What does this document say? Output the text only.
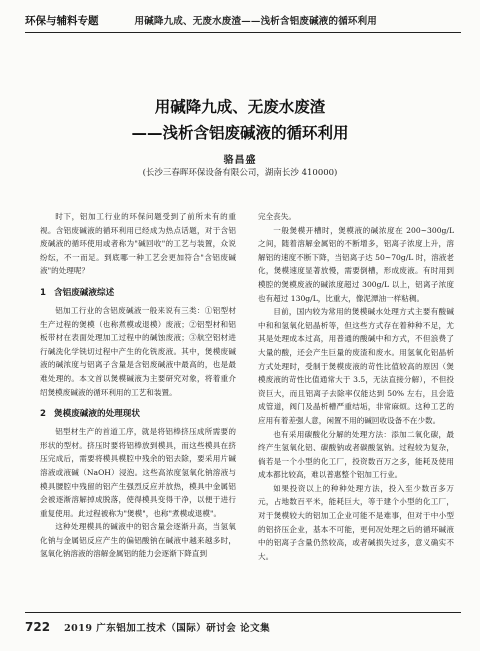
环保与辅料专题	用碱降九成、无废水废渣——浅析含铝废碱液的循环利用
用碱降九成、无废水废渣
——浅析含铝废碱液的循环利用
骆昌盛
(长沙三春晖环保设备有限公司，湖南长沙 410000)

时下，铝加工行业的环保问题受到了前所未有的重视。含铝废碱液的循环利用已经成为热点话题，对于含铝废碱液的循环使用或者称为"碱回收"的工艺与装置，众说纷纭，不一而足。到底哪一种工艺会更加符合"含铝废碱液"的处理呢？

1 含铝废碱液综述

铝加工行业的含铝废碱液一般来说有三类：①铝型材生产过程的煲模（也称煮模或退模）废液；②铝型材和铝板带材在表面处理加工过程中的碱蚀废液；③航空铝材进行碱洗化学铣切过程中产生的化铣废液。其中，煲模废碱液的碱浓度与铝离子含量是含铝废碱液中最高的，也是最难处理的。本文首以煲模碱液为主要研究对象，将着重介绍煲模废碱液的循环利用的工艺和装置。

2 煲模废碱液的处理现状

铝型材生产的首道工序，就是将铝棒挤压成所需要的形状的型材。挤压时要将铝棒放到模具，而这些模具在挤压完成后，需要将模具模腔中残余的铝去除，要采用片碱溶液或液碱（NaOH）浸泡。这些高浓度氢氧化钠溶液与模具腰腔中残留的铝产生强烈反应并放热，模具中金属铝会被逐渐溶解掉成脱落，使得模具变得干净，以便于进行重复使用。此过程被称为"煲模"，也称"煮模或退模"。

这种处理模具的碱液中的铝含量会逐渐升高，当氢氧化钠与金属铝反应产生的偏铝酸钠在碱液中越来越多时，氢氧化钠溶液的溶解金属铝的能力会逐渐下降直到

完全丧失。

一般煲模开槽时，煲模液的碱浓度在 200~300g/L 之间，随着溶解金属铝的不断增多，铝离子浓度上升，溶解铝的速度不断下降，当铝离子达 50~70g/L 时，溶液老化，煲模速度显著放慢，需要倒槽，形成废液。有时用到模腔的煲模废液的碱浓度超过 300g/L 以上，铝离子浓度也有超过 130g/L，比重大，像泥潭油一样粘稠。

目前，国内较为常用的煲模碱水处理方式主要有酸碱中和和氢氧化铝晶析等，但这些方式存在着种种不足，尤其是处理成本过高，用普通的酸碱中和方式，不但浪费了大量的酸，还会产生巨量的废渣和废水。用氢氧化铝晶析方式处理时，受制于煲模废液的苛性比值较高的原因（煲模废液的苛性比值通常大于 3.5，无法直接分解），不但投资巨大，而且铝离子去除率仅能达到 50% 左右，且会造成管道，阀门及晶析槽严重结垢，非常麻烦。这种工艺的应用有着差强人意，闲置不用的碱回收设备不在少数。

也有采用碳酸化分解的处理方法：添加二氧化碳，最终产生氢氧化铝、碳酸钠或者碳酸氢钠。过程较为复杂，倘若是一个小型的化工厂，投资数百万之多，能耗及使用成本都比较高，难以普惠整个铝加工行业。

如果投资以上的种种处理方法，投入至少数百多万元，占地数百平米，能耗巨大，等于建个小型的化工厂，对于煲模较大的铝加工企业可能不是难事，但对于中小型的铝挤压企业，基本不可能，更何况处理之后的循环碱液中的铝离子含量仍然较高，或者碱损失过多，意义确实不大。

722 2019 广东铝加工技术（国际）研讨会 论文集
